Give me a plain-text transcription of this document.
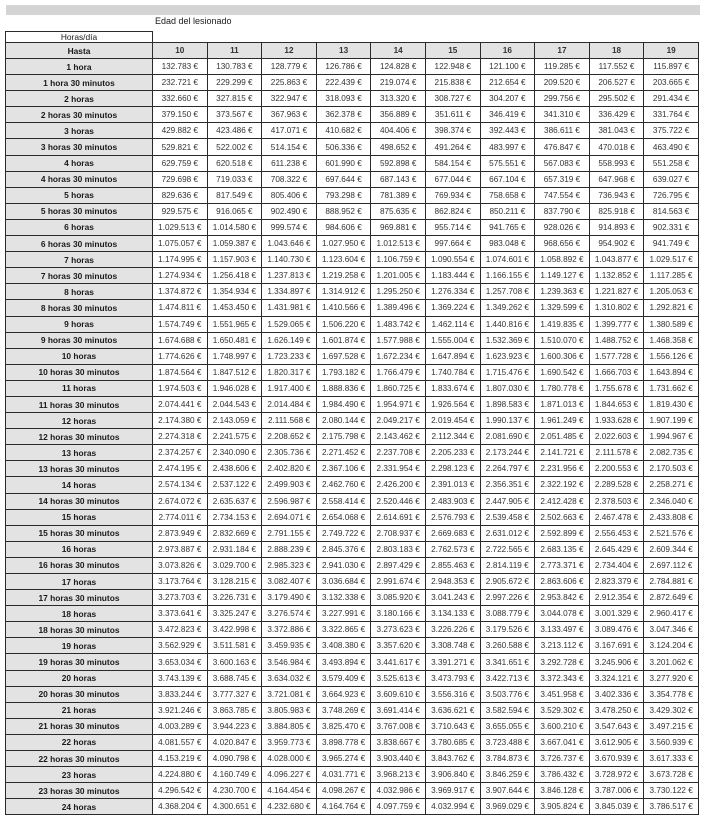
Edad del lesionado
Horas/día										
Hasta	10	11	12	13	14	15	16	17	18	19
1 hora	132.783 €	130.783 €	128.779 €	126.786 €	124.828 €	122.948 €	121.100 €	119.285 €	117.552 €	115.897 €
1 hora 30 minutos	232.721 €	229.299 €	225.863 €	222.439 €	219.074 €	215.838 €	212.654 €	209.520 €	206.527 €	203.665 €
2 horas	332.660 €	327.815 €	322.947 €	318.093 €	313.320 €	308.727 €	304.207 €	299.756 €	295.502 €	291.434 €
2 horas 30 minutos	379.150 €	373.567 €	367.963 €	362.378 €	356.889 €	351.611 €	346.419 €	341.310 €	336.429 €	331.764 €
3 horas	429.882 €	423.486 €	417.071 €	410.682 €	404.406 €	398.374 €	392.443 €	386.611 €	381.043 €	375.722 €
3 horas 30 minutos	529.821 €	522.002 €	514.154 €	506.336 €	498.652 €	491.264 €	483.997 €	476.847 €	470.018 €	463.490 €
4 horas	629.759 €	620.518 €	611.238 €	601.990 €	592.898 €	584.154 €	575.551 €	567.083 €	558.993 €	551.258 €
4 horas 30 minutos	729.698 €	719.033 €	708.322 €	697.644 €	687.143 €	677.044 €	667.104 €	657.319 €	647.968 €	639.027 €
5 horas	829.636 €	817.549 €	805.406 €	793.298 €	781.389 €	769.934 €	758.658 €	747.554 €	736.943 €	726.795 €
5 horas 30 minutos	929.575 €	916.065 €	902.490 €	888.952 €	875.635 €	862.824 €	850.211 €	837.790 €	825.918 €	814.563 €
6 horas	1.029.513 €	1.014.580 €	999.574 €	984.606 €	969.881 €	955.714 €	941.765 €	928.026 €	914.893 €	902.331 €
6 horas 30 minutos	1.075.057 €	1.059.387 €	1.043.646 €	1.027.950 €	1.012.513 €	997.664 €	983.048 €	968.656 €	954.902 €	941.749 €
7 horas	1.174.995 €	1.157.903 €	1.140.730 €	1.123.604 €	1.106.759 €	1.090.554 €	1.074.601 €	1.058.892 €	1.043.877 €	1.029.517 €
7 horas 30 minutos	1.274.934 €	1.256.418 €	1.237.813 €	1.219.258 €	1.201.005 €	1.183.444 €	1.166.155 €	1.149.127 €	1.132.852 €	1.117.285 €
8 horas	1.374.872 €	1.354.934 €	1.334.897 €	1.314.912 €	1.295.250 €	1.276.334 €	1.257.708 €	1.239.363 €	1.221.827 €	1.205.053 €
8 horas 30 minutos	1.474.811 €	1.453.450 €	1.431.981 €	1.410.566 €	1.389.496 €	1.369.224 €	1.349.262 €	1.329.599 €	1.310.802 €	1.292.821 €
9 horas	1.574.749 €	1.551.965 €	1.529.065 €	1.506.220 €	1.483.742 €	1.462.114 €	1.440.816 €	1.419.835 €	1.399.777 €	1.380.589 €
9 horas 30 minutos	1.674.688 €	1.650.481 €	1.626.149 €	1.601.874 €	1.577.988 €	1.555.004 €	1.532.369 €	1.510.070 €	1.488.752 €	1.468.358 €
10 horas	1.774.626 €	1.748.997 €	1.723.233 €	1.697.528 €	1.672.234 €	1.647.894 €	1.623.923 €	1.600.306 €	1.577.728 €	1.556.126 €
10 horas 30 minutos	1.874.564 €	1.847.512 €	1.820.317 €	1.793.182 €	1.766.479 €	1.740.784 €	1.715.476 €	1.690.542 €	1.666.703 €	1.643.894 €
11 horas	1.974.503 €	1.946.028 €	1.917.400 €	1.888.836 €	1.860.725 €	1.833.674 €	1.807.030 €	1.780.778 €	1.755.678 €	1.731.662 €
11 horas 30 minutos	2.074.441 €	2.044.543 €	2.014.484 €	1.984.490 €	1.954.971 €	1.926.564 €	1.898.583 €	1.871.013 €	1.844.653 €	1.819.430 €
12 horas	2.174.380 €	2.143.059 €	2.111.568 €	2.080.144 €	2.049.217 €	2.019.454 €	1.990.137 €	1.961.249 €	1.933.628 €	1.907.199 €
12 horas 30 minutos	2.274.318 €	2.241.575 €	2.208.652 €	2.175.798 €	2.143.462 €	2.112.344 €	2.081.690 €	2.051.485 €	2.022.603 €	1.994.967 €
13 horas	2.374.257 €	2.340.090 €	2.305.736 €	2.271.452 €	2.237.708 €	2.205.233 €	2.173.244 €	2.141.721 €	2.111.578 €	2.082.735 €
13 horas 30 minutos	2.474.195 €	2.438.606 €	2.402.820 €	2.367.106 €	2.331.954 €	2.298.123 €	2.264.797 €	2.231.956 €	2.200.553 €	2.170.503 €
14 horas	2.574.134 €	2.537.122 €	2.499.903 €	2.462.760 €	2.426.200 €	2.391.013 €	2.356.351 €	2.322.192 €	2.289.528 €	2.258.271 €
14 horas 30 minutos	2.674.072 €	2.635.637 €	2.596.987 €	2.558.414 €	2.520.446 €	2.483.903 €	2.447.905 €	2.412.428 €	2.378.503 €	2.346.040 €
15 horas	2.774.011 €	2.734.153 €	2.694.071 €	2.654.068 €	2.614.691 €	2.576.793 €	2.539.458 €	2.502.663 €	2.467.478 €	2.433.808 €
15 horas 30 minutos	2.873.949 €	2.832.669 €	2.791.155 €	2.749.722 €	2.708.937 €	2.669.683 €	2.631.012 €	2.592.899 €	2.556.453 €	2.521.576 €
16 horas	2.973.887 €	2.931.184 €	2.888.239 €	2.845.376 €	2.803.183 €	2.762.573 €	2.722.565 €	2.683.135 €	2.645.429 €	2.609.344 €
16 horas 30 minutos	3.073.826 €	3.029.700 €	2.985.323 €	2.941.030 €	2.897.429 €	2.855.463 €	2.814.119 €	2.773.371 €	2.734.404 €	2.697.112 €
17 horas	3.173.764 €	3.128.215 €	3.082.407 €	3.036.684 €	2.991.674 €	2.948.353 €	2.905.672 €	2.863.606 €	2.823.379 €	2.784.881 €
17 horas 30 minutos	3.273.703 €	3.226.731 €	3.179.490 €	3.132.338 €	3.085.920 €	3.041.243 €	2.997.226 €	2.953.842 €	2.912.354 €	2.872.649 €
18 horas	3.373.641 €	3.325.247 €	3.276.574 €	3.227.991 €	3.180.166 €	3.134.133 €	3.088.779 €	3.044.078 €	3.001.329 €	2.960.417 €
18 horas 30 minutos	3.472.823 €	3.422.998 €	3.372.886 €	3.322.865 €	3.273.623 €	3.226.226 €	3.179.526 €	3.133.497 €	3.089.476 €	3.047.346 €
19 horas	3.562.929 €	3.511.581 €	3.459.935 €	3.408.380 €	3.357.620 €	3.308.748 €	3.260.588 €	3.213.112 €	3.167.691 €	3.124.204 €
19 horas 30 minutos	3.653.034 €	3.600.163 €	3.546.984 €	3.493.894 €	3.441.617 €	3.391.271 €	3.341.651 €	3.292.728 €	3.245.906 €	3.201.062 €
20 horas	3.743.139 €	3.688.745 €	3.634.032 €	3.579.409 €	3.525.613 €	3.473.793 €	3.422.713 €	3.372.343 €	3.324.121 €	3.277.920 €
20 horas 30 minutos	3.833.244 €	3.777.327 €	3.721.081 €	3.664.923 €	3.609.610 €	3.556.316 €	3.503.776 €	3.451.958 €	3.402.336 €	3.354.778 €
21 horas	3.921.246 €	3.863.785 €	3.805.983 €	3.748.269 €	3.691.414 €	3.636.621 €	3.582.594 €	3.529.302 €	3.478.250 €	3.429.302 €
21 horas 30 minutos	4.003.289 €	3.944.223 €	3.884.805 €	3.825.470 €	3.767.008 €	3.710.643 €	3.655.055 €	3.600.210 €	3.547.643 €	3.497.215 €
22 horas	4.081.557 €	4.020.847 €	3.959.773 €	3.898.778 €	3.838.667 €	3.780.685 €	3.723.488 €	3.667.041 €	3.612.905 €	3.560.939 €
22 horas 30 minutos	4.153.219 €	4.090.798 €	4.028.000 €	3.965.274 €	3.903.440 €	3.843.762 €	3.784.873 €	3.726.737 €	3.670.939 €	3.617.333 €
23 horas	4.224.880 €	4.160.749 €	4.096.227 €	4.031.771 €	3.968.213 €	3.906.840 €	3.846.259 €	3.786.432 €	3.728.972 €	3.673.728 €
23 horas 30 minutos	4.296.542 €	4.230.700 €	4.164.454 €	4.098.267 €	4.032.986 €	3.969.917 €	3.907.644 €	3.846.128 €	3.787.006 €	3.730.122 €
24 horas	4.368.204 €	4.300.651 €	4.232.680 €	4.164.764 €	4.097.759 €	4.032.994 €	3.969.029 €	3.905.824 €	3.845.039 €	3.786.517 €
